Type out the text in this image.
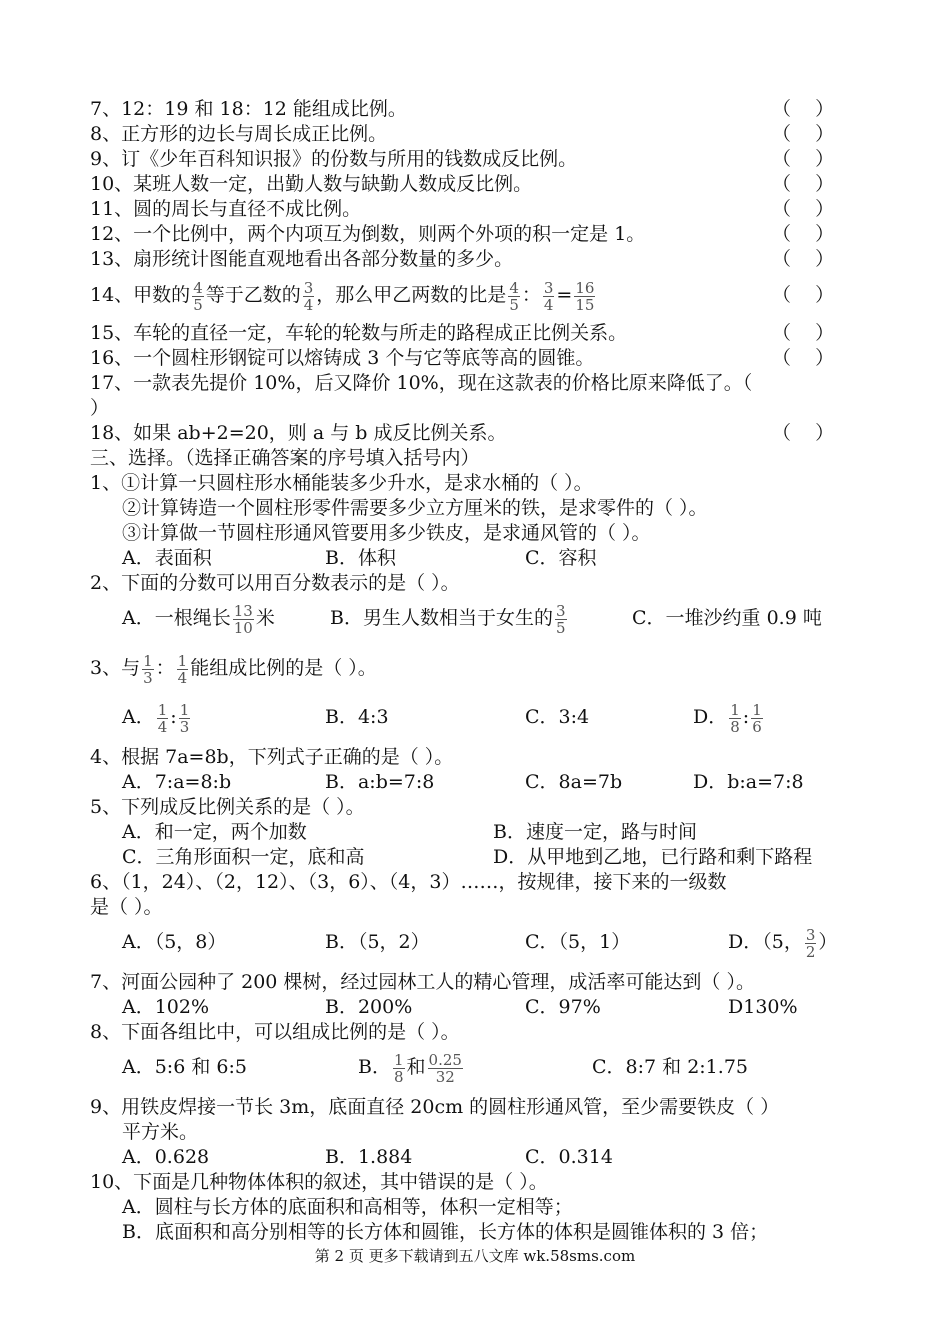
7、12：19 和 18：12 能组成比例。	（    ）
8、正方形的边长与周长成正比例。	（    ）
9、订《少年百科知识报》的份数与所用的钱数成反比例。	（    ）
10、某班人数一定，出勤人数与缺勤人数成反比例。	（    ）
11、圆的周长与直径不成比例。	（    ）
12、一个比例中，两个内项互为倒数，则两个外项的积一定是 1。	（    ）
13、扇形统计图能直观地看出各部分数量的多少。	（    ）
14、甲数的 $\frac{4}{5}$ 等于乙数的 $\frac{3}{4}$ ，那么甲乙两数的比是 $\frac{4}{5}$ ： $\frac{3}{4} = \frac{16}{15}$	（    ）
15、车轮的直径一定，车轮的轮数与所走的路程成正比例关系。	（    ）
16、一个圆柱形钢锭可以熔铸成 3 个与它等底等高的圆锥。	（    ）
17、一款表先提价 10%，后又降价 10%，现在这款表的价格比原来降低了。（
）
18、如果 ab+2=20，则 a 与 b 成反比例关系。	（    ）
三、选择。（选择正确答案的序号填入括号内）
1、①计算一只圆柱形水桶能装多少升水，是求水桶的（ ）。
②计算铸造一个圆柱形零件需要多少立方厘米的铁，是求零件的（ ）。
③计算做一节圆柱形通风管要用多少铁皮，是求通风管的（ ）。
A．表面积	B．体积	C．容积
2、下面的分数可以用百分数表示的是（ ）。
A．一根绳长 $\frac{13}{10}$ 米	B．男生人数相当于女生的 $\frac{3}{5}$	C．一堆沙约重 0.9 吨
3、与 $\frac{1}{3}$ ： $\frac{1}{4}$ 能组成比例的是（ ）。
A． $\frac{1}{4}$ : $\frac{1}{3}$	B．4:3	C．3:4	D． $\frac{1}{8}$ : $\frac{1}{6}$
4、根据 7a=8b，下列式子正确的是（ ）。
A．7:a=8:b	B．a:b=7:8	C．8a=7b	D．b:a=7:8
5、下列成反比例关系的是（ ）。
A．和一定，两个加数	B．速度一定，路与时间
C．三角形面积一定，底和高	D．从甲地到乙地，已行路和剩下路程
6、（1，24）、（2，12）、（3，6）、（4，3）……，按规律，接下来的一级数
是（ ）。
A．（5，8）	B．（5，2）	C．（5，1）	D．（5， $\frac{3}{2}$ ）
7、河面公园种了 200 棵树，经过园林工人的精心管理，成活率可能达到（ ）。
A．102%	B．200%	C．97%	D130%
8、下面各组比中，可以组成比例的是（ ）。
A．5:6 和 6:5	B． $\frac{1}{8}$ 和 $\frac{0.25}{32}$	C．8:7 和 2:1.75
9、用铁皮焊接一节长 3m，底面直径 20cm 的圆柱形通风管，至少需要铁皮（ ）
平方米。
A．0.628	B．1.884	C．0.314
10、下面是几种物体体积的叙述，其中错误的是（ ）。
A．圆柱与长方体的底面积和高相等，体积一定相等；
B．底面积和高分别相等的长方体和圆锥，长方体的体积是圆锥体积的 3 倍；
第 2 页 更多下载请到五八文库 wk.58sms.com
